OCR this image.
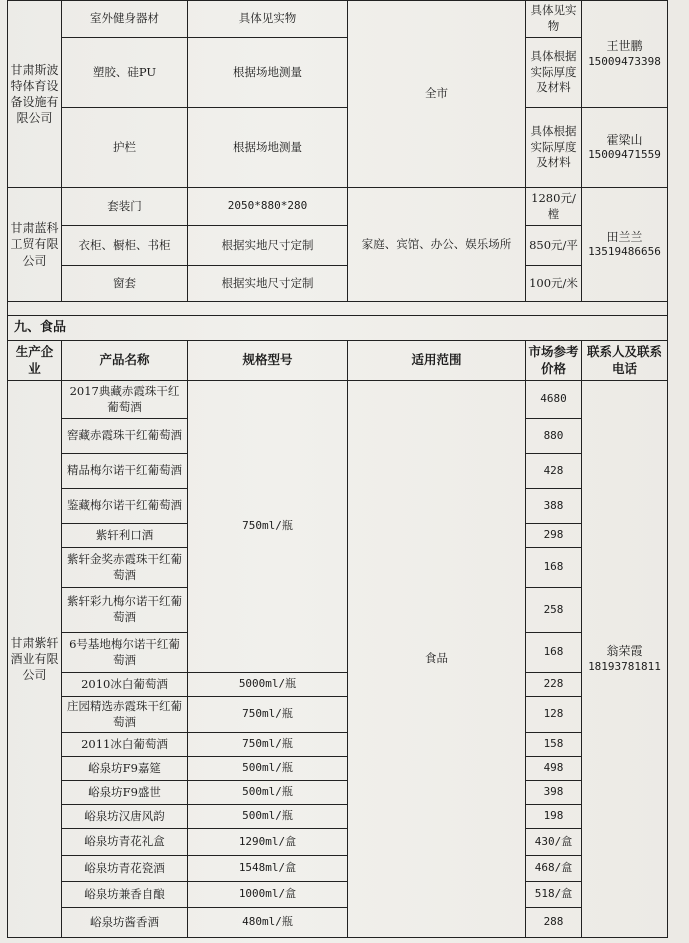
甘肃斯波特体育设备设施有限公司	室外健身器材	具体见实物	全市	具体见实物	王世鹏
15009473398

	塑胶、硅PU	根据场地测量		具体根据实际厚度及材料	
	护栏	根据场地测量		具体根据实际厚度及材料	霍梁山
15009471559

甘肃蓝科工贸有限公司	套装门	2050*880*280	家庭、宾馆、办公、娱乐场所	1280元/樘	田兰兰
13519486656

	衣柜、橱柜、书柜	根据实地尺寸定制		850元/平	
	窗套	根据实地尺寸定制		100元/米	

九、食品					
生产企业	产品名称	规格型号	适用范围	市场参考价格	联系人及联系电话
甘肃紫轩酒业有限公司	2017典藏赤霞珠干红葡萄酒	750ml/瓶	食品	4680	翁荣霞
18193781811

	窖藏赤霞珠干红葡萄酒			880	
	精品梅尔诺干红葡萄酒			428	
	鉴藏梅尔诺干红葡萄酒			388	
	紫轩利口酒			298	
	紫轩金奖赤霞珠干红葡萄酒			168	
	紫轩彩九梅尔诺干红葡萄酒			258	
	6号基地梅尔诺干红葡萄酒			168	
	2010冰白葡萄酒	5000ml/瓶		228	
	庄园精选赤霞珠干红葡萄酒	750ml/瓶		128	
	2011冰白葡萄酒	750ml/瓶		158	
	峪泉坊F9嘉筵	500ml/瓶		498	
	峪泉坊F9盛世	500ml/瓶		398	
	峪泉坊汉唐风韵	500ml/瓶		198	
	峪泉坊青花礼盒	1290ml/盒		430/盒	
	峪泉坊青花瓷酒	1548ml/盒		468/盒	
	峪泉坊兼香自酿	1000ml/盒		518/盒	
	峪泉坊酱香酒	480ml/瓶		288	
